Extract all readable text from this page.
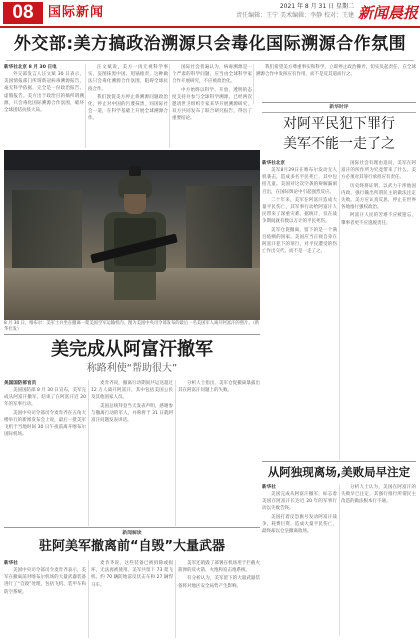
08	国际新闻	2021 年 8 月 31 日 星期二
责任编辑：王宁 美术编辑：李静 校对：王建 新闻晨报
外交部:美方搞政治溯源只会毒化国际溯源合作氛围
新华社北京 8 月 30 日电

外交部发言人汪文斌 30 日表示，美国情报部门所谓新冠病毒溯源报告，毫无科学依据，完全是一份政治报告、虚假报告。美方出于政治目的搞所谓溯源，只会毒化国际溯源合作氛围，破坏全球团结抗疫大局。

汪文斌说，美方一再无视科学事实，妄图抹黑中国、甩锅推责，这种做法只会毒化溯源合作氛围，阻碍全球抗疫合作。

我们敦促美方停止将溯源问题政治化，停止对中国的污蔑抹黑，同国际社会一道，在科学基础上开展全球溯源合作。

国际社会普遍认为，病毒溯源是一个严肃的科学问题，应当由全球科学家合作开展研究，不应被政治化。

中方始终以科学、开放、透明的态度支持并参与全球科学溯源，已经两次邀请世卫组织专家来华开展溯源研究，双方共同发布了联合研究报告，得出了重要结论。

我们希望美方尊重事实和科学，立即停止政治操弄，切实负起责任，在全球溯源合作中发挥应有作用，而不是反其道而行之。

8 月 30 日，喀布尔：美军士兵坐在撤离一架美国空军运输机内。图为美国中央司令部发布的最后一名美国军人离开阿富汗的照片。（新华社发）
新华时评
对阿平民犯下罪行
美军不能一走了之
新华社北京

美军8月29日在喀布尔发动无人机袭击，造成多名平民死亡，其中包括儿童。美国对这次空袭的辩解漏洞百出，在国际舆论中引起强烈反应。

二十年来，美军在阿富汗造成大量平民伤亡，其军事行动给阿富汗人民带来了深重灾难。据统计，仅在战争期间就有数以万计的平民死伤。

美军仓促撤离，留下的是一个满目疮痍的国家。美国应当正视自身在阿富汗犯下的罪行，对平民遭受的伤亡作出交代，而不是一走了之。

国际社会有理由追问，美军在阿富汗的所作所为究竟带来了什么。美方必须对其罪行承担应有责任。

历史终将证明，以武力干涉他国内政、强行输出所谓民主的做法注定失败。美方应认真反思，停止在世界各地推行强权政治。

阿富汗人民的苦难不应被遗忘，肇事者更不应逃脱责任。

美完成从阿富汗撤军
称路利使“帮助很大”
美国国防部官员

美国国防部 8 月 30 日宣布，美军完成从阿富汗撤军，结束了在阿富汗近 20 年的军事行动。

美国中央司令部司令麦肯齐在五角大楼举行的新闻发布会上说，最后一批美军飞机于当地时间 30 日午夜前离开喀布尔国际机场。

麦肯齐说，撤离行动期间共运送超过 12 万人离开阿富汗，其中包括美国公民及其他国家人员。

美国总统拜登当天发表声明，感谢参与撤离行动的军人，并称将于 31 日就阿富汗问题发表讲话。

分析人士指出，美军仓促撤离暴露出其在阿富汗问题上的失败。

从阿独现离场,美败局早注定
新华社

美国完成从阿富汗撤军，标志着美国在阿富汗长达近 20 年的军事行动以失败告终。

美国打着反恐旗号发动阿富汗战争，耗费巨资，造成大量平民伤亡，最终却以仓皇撤离收场。

分析人士认为，美国在阿富汗的失败早已注定，其强行推行所谓民主改造的做法根本行不通。

新闻解读
驻阿美军撤离前“自毁”大量武器
新华社

美国中央司令部司令麦肯齐表示，美军在撤离前对喀布尔机场的大量武器装备进行了“自毁”处理，包括飞机、装甲车和防空系统。

麦肯齐说，这些装备已被拆除或损坏，无法再被使用。美军共留下 73 架飞机、约 70 辆防地雷反伏击车和 27 辆悍马车。

美军还销毁了部署在机场用于拦截火箭弹的反火箭、火炮和迫击炮系统。

有分析认为，美军留下的大量武器装备将对地区安全局势产生影响。
